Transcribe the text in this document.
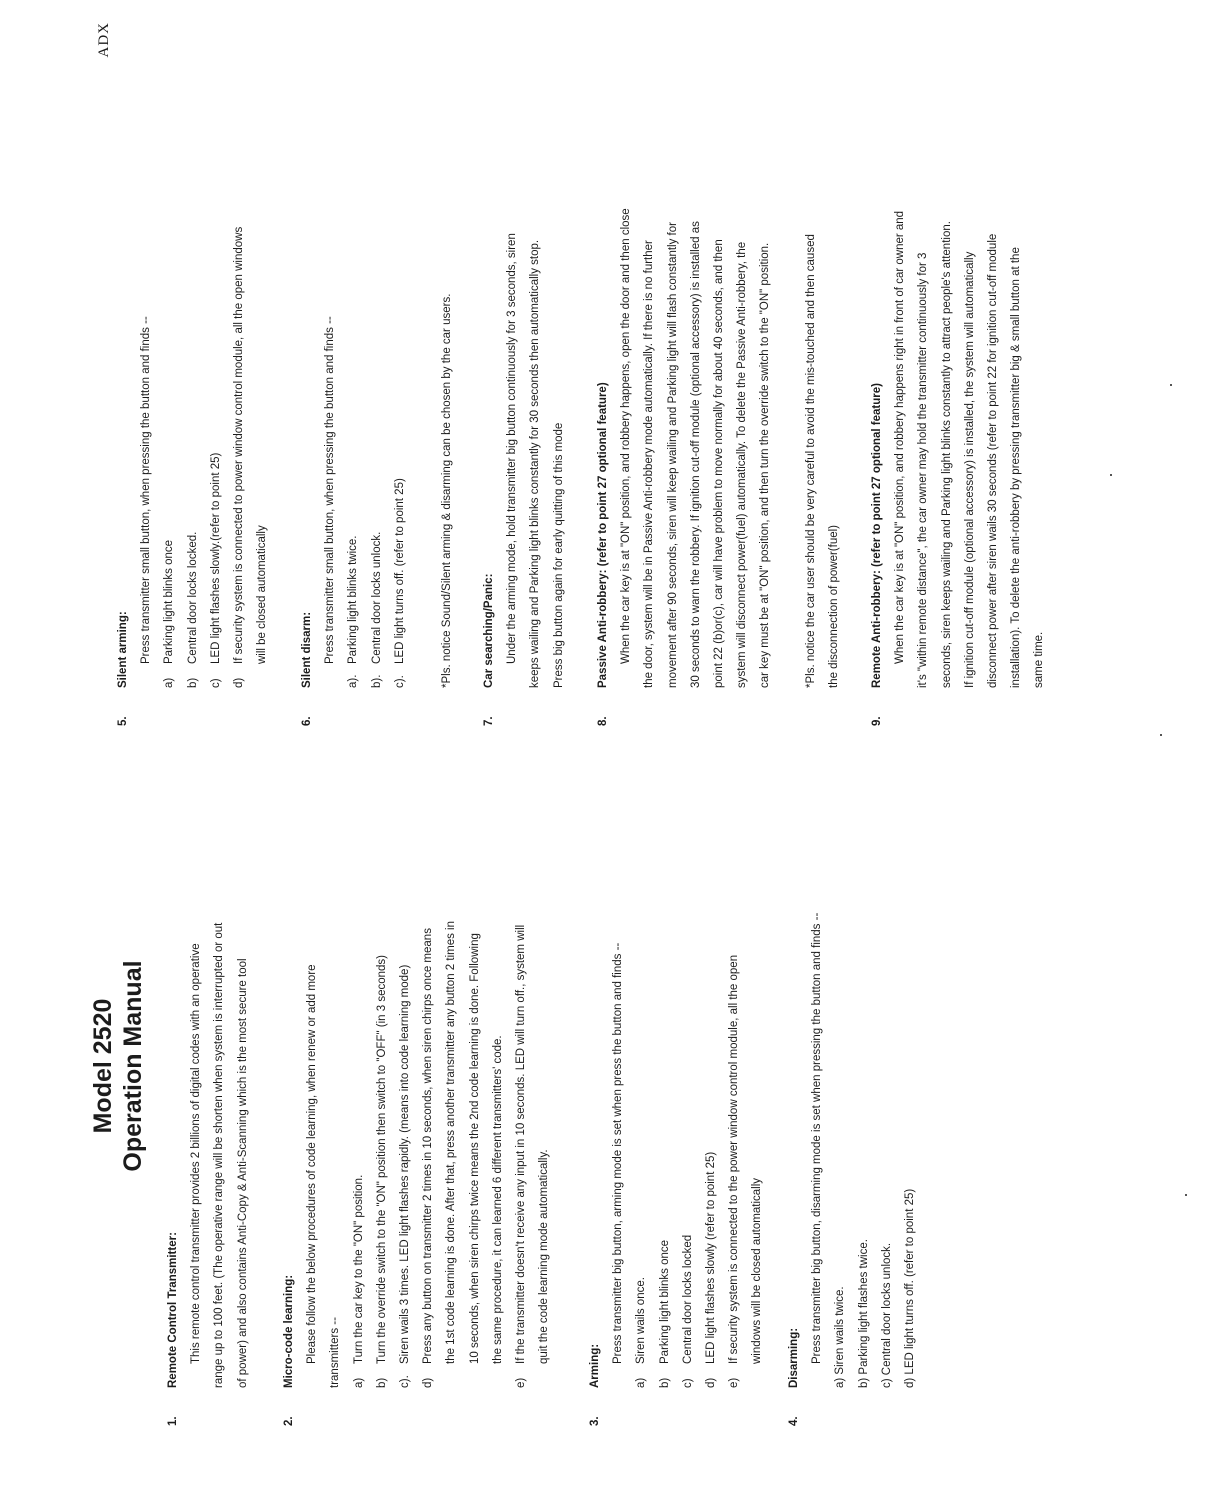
Model 2520 Operation Manual
1.
Remote Control Transmitter: This remote control transmitter provides 2 billions of digital codes with an operative range up to 100 feet. (The operative range will be shorten when system is interrupted or out of power) and also contains Anti-Copy & Anti-Scanning which is the most secure tool
2.
Micro-code learning: Please follow the below procedures of code learning, when renew or add more transmitters -- a)
Turn the car key to the "ON" position.
b)
Turn the override switch to the "ON" position then switch to "OFF" (in 3 seconds)
c).
Siren wails 3 times. LED light flashes rapidly. (means into code learning mode)
d)
Press any button on transmitter 2 times in 10 seconds, when siren chirps once means the 1st code learning is done. After that, press another transmitter any button 2 times in 10 seconds, when siren chirps twice means the 2nd code learning is done. Following the same procedure, it can learned 6 different transmitters' code.
e)
If the transmitter doesn't receive any input in 10 seconds. LED will turn off., system will quit the code learning mode automatically.
3.
Arming:
Press transmitter big button, arming mode is set when press the button and finds --
a)
Siren wails once.
b)
Parking light blinks once
c)
Central door locks locked
d)
LED light flashes slowly (refer to point 25)
e)
If security system is connected to the power window control module, all the open windows will be closed automatically
4.
Disarming: Press transmitter big button, disarming mode is set when pressing the button and finds -- a) Siren wails twice. b) Parking light flashes twice. c) Central door locks unlock. d) LED light turns off. (refer to point 25)
ADX
5.
Silent arming: Press transmitter small button, when pressing the button and finds --
a)
Parking light blinks once
b)
Central door locks locked.
c)
LED light flashes slowly.(refer to point 25)
d)
If security system is connected to power window control module, all the open windows will be closed automatically
6.
Silent disarm: Press transmitter small button, when pressing the button and finds --
a).
Parking light blinks twice.
b).
Central door locks unlock.
c).
LED light turns off. (refer to point 25)	*Pls. notice Sound/Silent arming & disarming can be chosen by the car users.
7.
Car searching/Panic: Under the arming mode, hold transmitter big button continuously for 3 seconds, siren keeps wailing and Parking light blinks constantly for 30 seconds then automatically stop. Press big button again for early quitting of this mode
8.
Passive Anti-robbery: (refer to point 27 optional feature) When the car key is at "ON" position, and robbery happens, open the door and then close the door, system will be in Passive Anti-robbery mode automatically. If there is no further movement after 90 seconds, siren will keep wailing and Parking light will flash constantly for 30 seconds to warn the robbery. If ignition cut-off module (optional accessory) is installed as point 22 (b)or(c), car will have problem to move normally for about 40 seconds, and then system will disconnect power(fuel) automatically. To delete the Passive Anti-robbery, the car key must be at "ON" position, and then turn the override switch to the "ON" position.	*Pls. notice the car user should be very careful to avoid the mis-touched and then caused the disconnection of power(fuel)
9.
Remote Anti-robbery: (refer to point 27 optional feature) When the car key is at "ON" position, and robbery happens right in front of car owner and it's "within remote distance", the car owner may hold the transmitter continuously for 3 seconds, siren keeps wailing and Parking light blinks constantly to attract people's attention. If ignition cut-off module (optional accessory) is installed, the system will automatically disconnect power after siren wails 30 seconds (refer to point 22 for ignition cut-off module installation). To delete the anti-robbery by pressing transmitter big & small button at the same time.
